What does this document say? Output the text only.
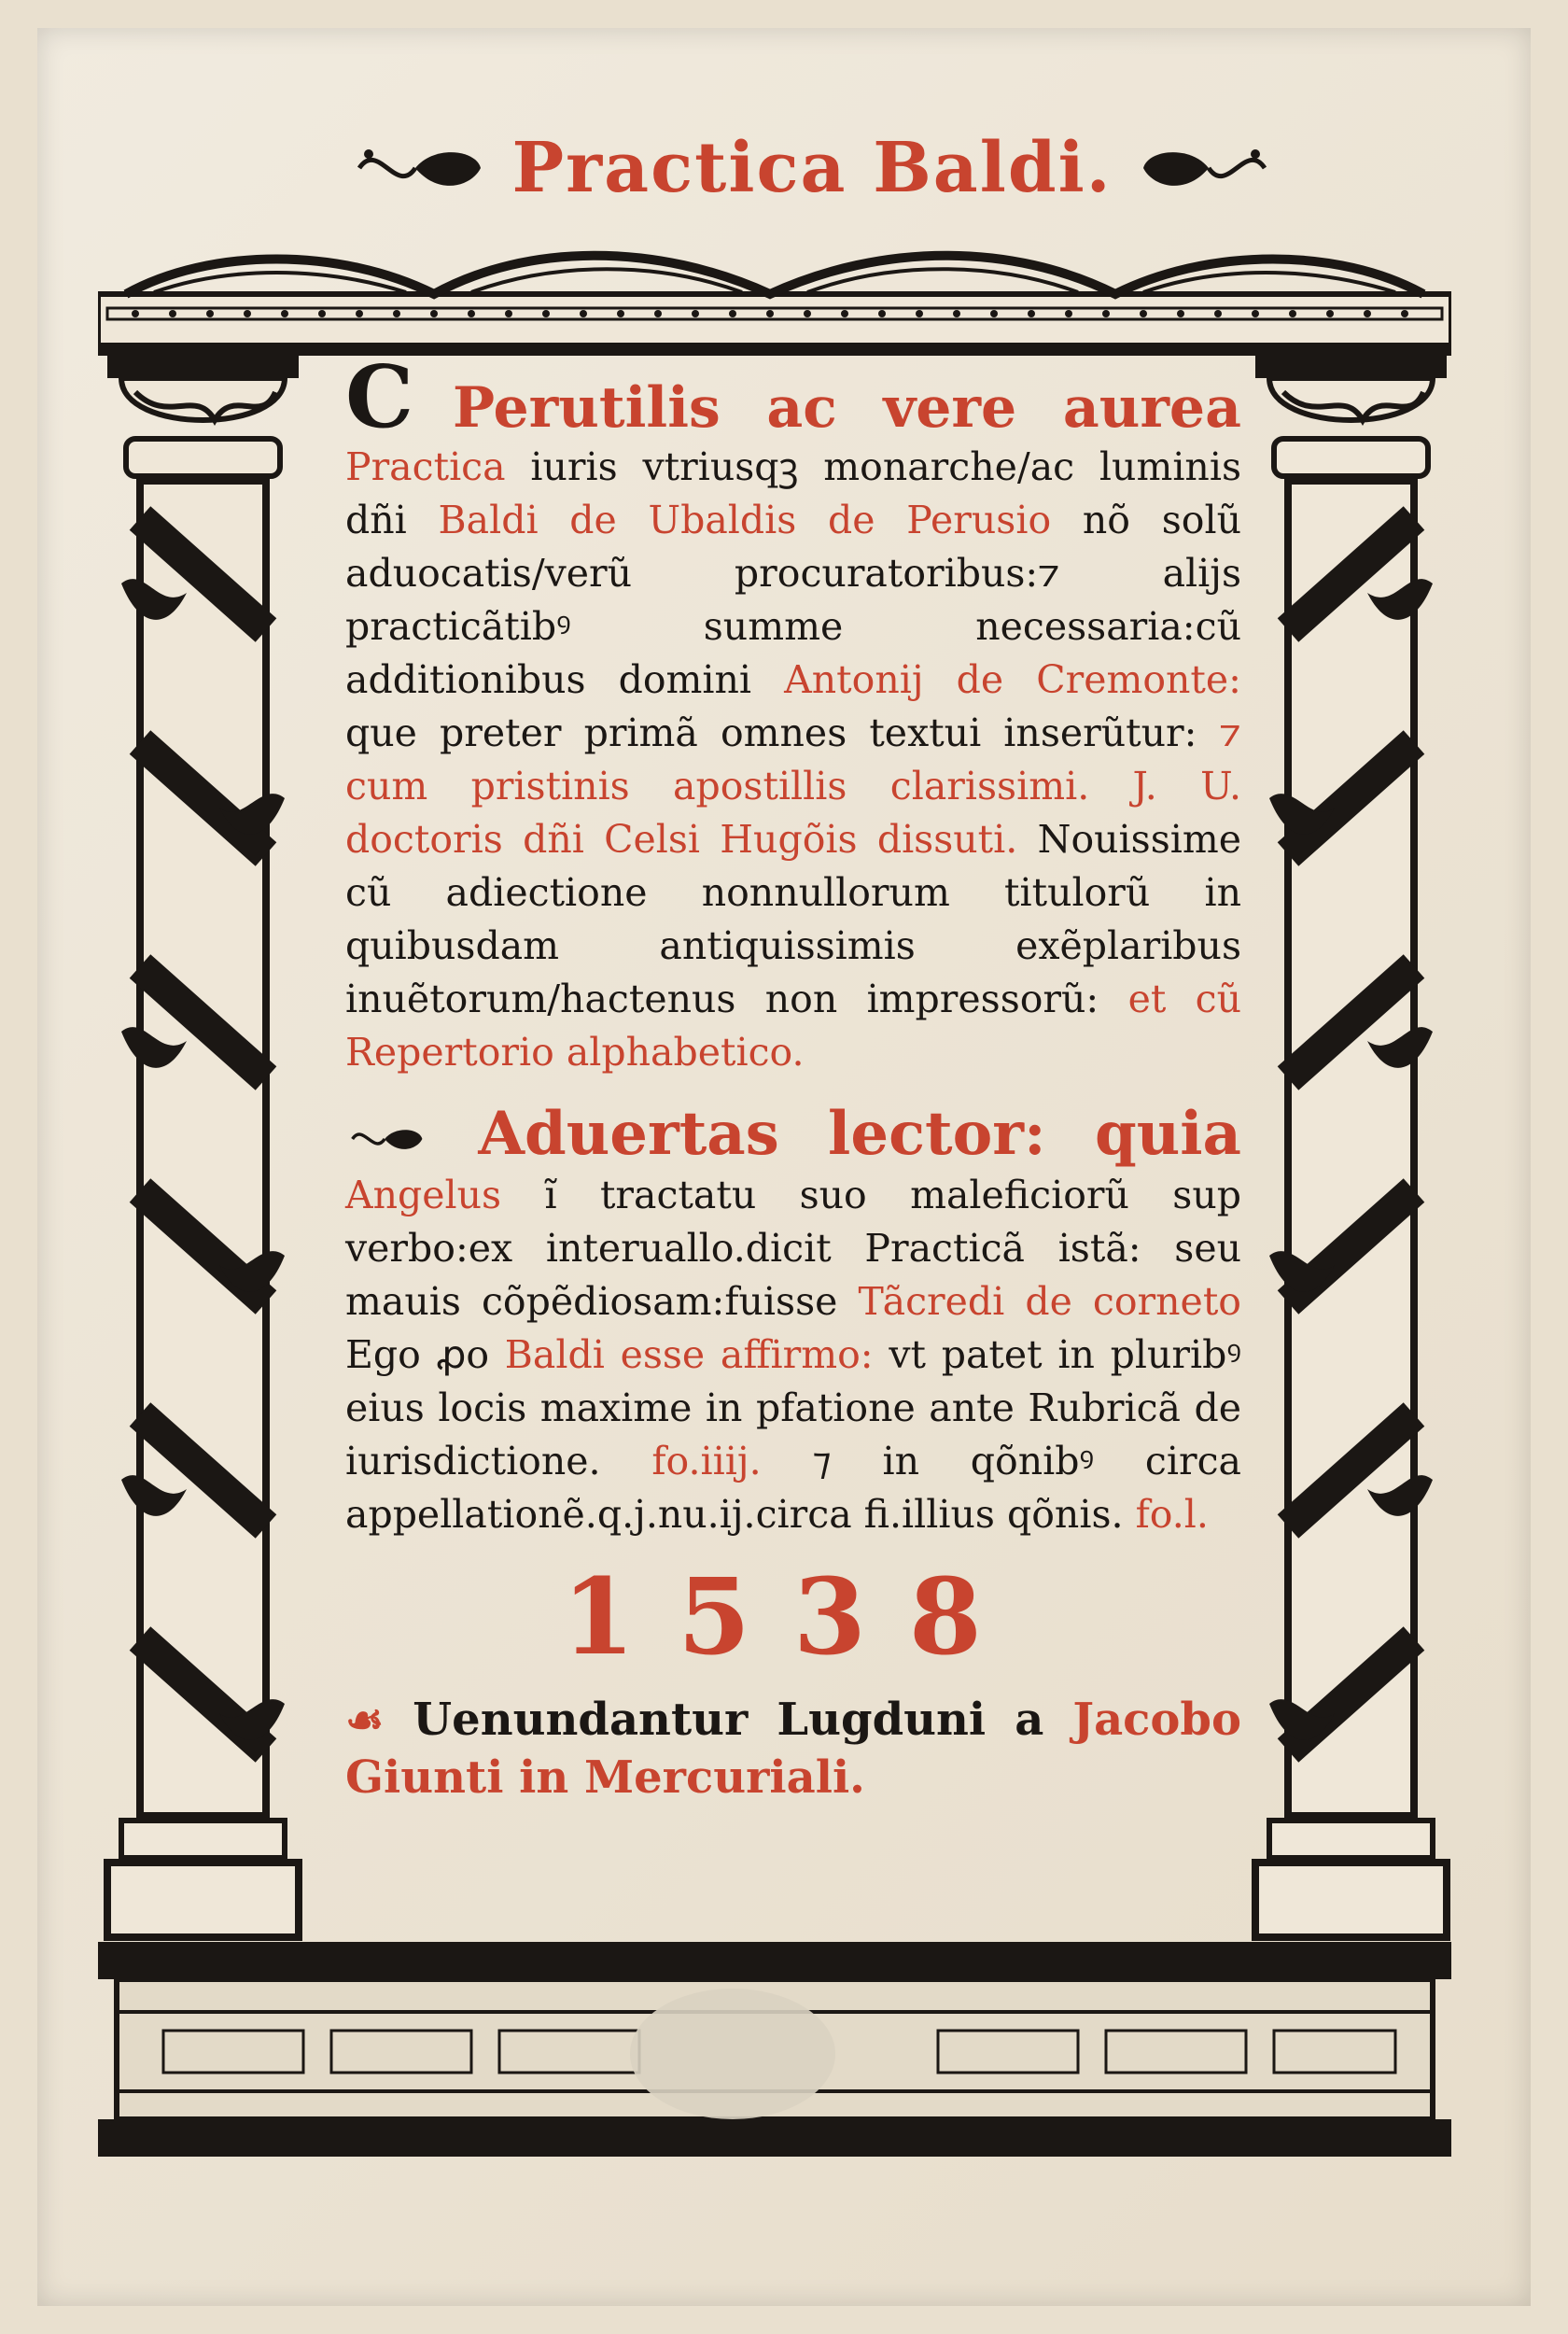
Practica Baldi.

C Perutilis ac vere aurea Practica iuris vtriusqꝫ monarche/ac luminis dñi Baldi de Ubaldis de Perusio nõ solũ aduocatis/verũ procuratoribus:⁊ alijs practicãtibꝰ summe necessaria:cũ additionibus domini Antonij de Cremonte: que preter primã omnes textui inserũtur: ⁊ cum pristinis apostillis clarissimi. J. U. doctoris dñi Celsi Hugõis dissuti. Nouissime cũ adiectione nonnullorum titulorũ in quibusdam antiquissimis exẽplaribus inuẽtorum/hactenus non impressorũ: et cũ Repertorio alphabetico.

Aduertas lector: quia Angelus ĩ tractatu suo maleficiorũ sup verbo:ex interuallo.dicit Practicã istã: seu mauis cõpẽdiosam:fuisse Tãcredi de corneto Ego ꝓo Baldi esse affirmo: vt patet in pluribꝰ eius locis maxime in pfatione ante Rubricã de iurisdictione. fo.iiij. ⁊ in qõnibꝰ circa appellationẽ.q.j.nu.ij.circa fi.illius qõnis. fo.l.

1538

☙ Uenundantur Lugduni a Jacobo Giunti in Mercuriali.
